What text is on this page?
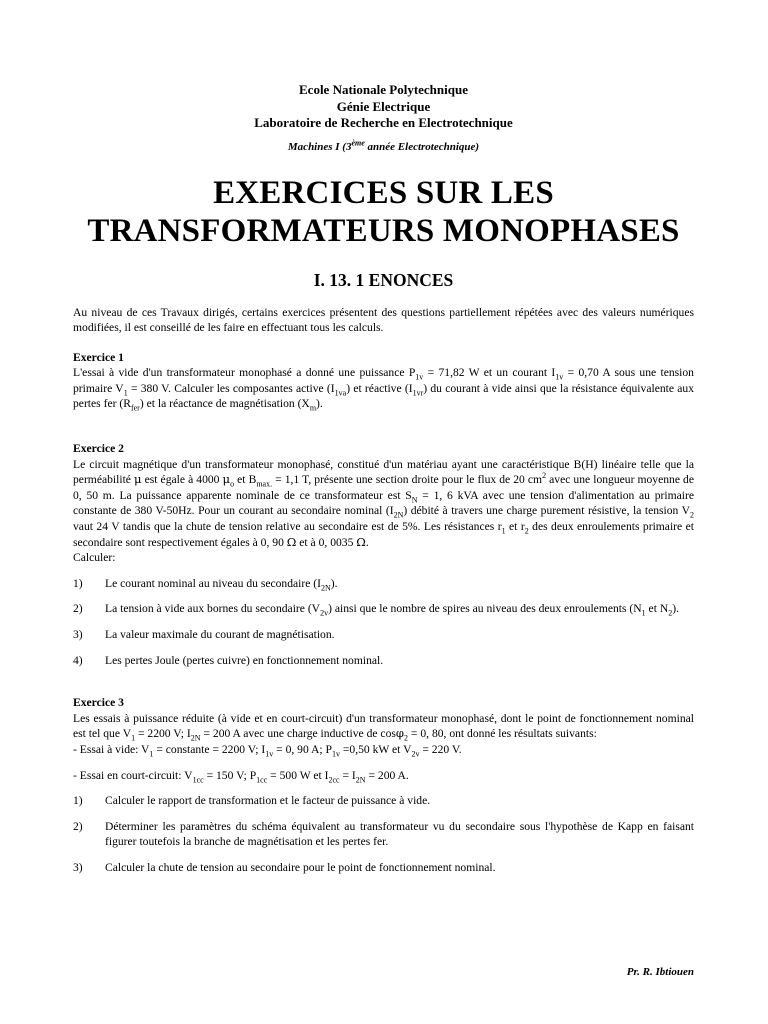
Ecole Nationale Polytechnique
Génie Electrique
Laboratoire de Recherche en Electrotechnique
Machines I (3ème année Electrotechnique)
EXERCICES SUR LES
TRANSFORMATEURS MONOPHASES
I. 13. 1 ENONCES

Au niveau de ces Travaux dirigés, certains exercices présentent des questions partiellement répétées avec des valeurs numériques modifiées, il est conseillé de les faire en effectuant tous les calculs.

Exercice 1

L'essai à vide d'un transformateur monophasé a donné une puissance $P_{1v} = 71,82$ W et un courant $I_{1v} = 0,70$ A sous une tension primaire $V_1 = 380$ V. Calculer les composantes active $(I_{1va})$ et réactive $(I_{1vr})$ du courant à vide ainsi que la résistance équivalente aux pertes fer $(R_{fer})$ et la réactance de magnétisation $(X_m)$.

Exercice 2

Le circuit magnétique d'un transformateur monophasé, constitué d'un matériau ayant une caractéristique B(H) linéaire telle que la perméabilité μ est égale à 4000 $\mu_o$ et $B_{max.} = 1,1$ T, présente une section droite pour le flux de 20 $cm^2$ avec une longueur moyenne de 0, 50 m. La puissance apparente nominale de ce transformateur est $S_N = 1$, 6 kVA avec une tension d'alimentation au primaire constante de 380 V-50Hz. Pour un courant au secondaire nominal $(I_{2N})$ débité à travers une charge purement résistive, la tension $V_2$ vaut 24 V tandis que la chute de tension relative au secondaire est de 5%. Les résistances $r_1$ et $r_2$ des deux enroulements primaire et secondaire sont respectivement égales à 0, 90 Ω et à 0, 0035 Ω.

Calculer:

1)	Le courant nominal au niveau du secondaire $(I_{2N})$.
2)	La tension à vide aux bornes du secondaire $(V_{2v})$ ainsi que le nombre de spires au niveau des deux enroulements ($N_1$ et $N_2$).
3)	La valeur maximale du courant de magnétisation.
4)	Les pertes Joule (pertes cuivre) en fonctionnement nominal.
Exercice 3

Les essais à puissance réduite (à vide et en court-circuit) d'un transformateur monophasé, dont le point de fonctionnement nominal est tel que $V_1 = 2200$ V; $I_{2N} = 200$ A avec une charge inductive de cosφ$_2$ = 0, 80, ont donné les résultats suivants:

- Essai à vide: $V_1$ = constante = 2200 V; $I_{1v} = 0$, 90 A; $P_{1v} =0,50$ kW et $V_{2v} = 220$ V.

- Essai en court-circuit: $V_{1cc} = 150$ V; $P_{1cc} = 500$ W et $I_{2cc} = I_{2N} = 200$ A.

1)	Calculer le rapport de transformation et le facteur de puissance à vide.
2)	Déterminer les paramètres du schéma équivalent au transformateur vu du secondaire sous l'hypothèse de Kapp en faisant figurer toutefois la branche de magnétisation et les pertes fer.
3)	Calculer la chute de tension au secondaire pour le point de fonctionnement nominal.
Pr. R. Ibtiouen
